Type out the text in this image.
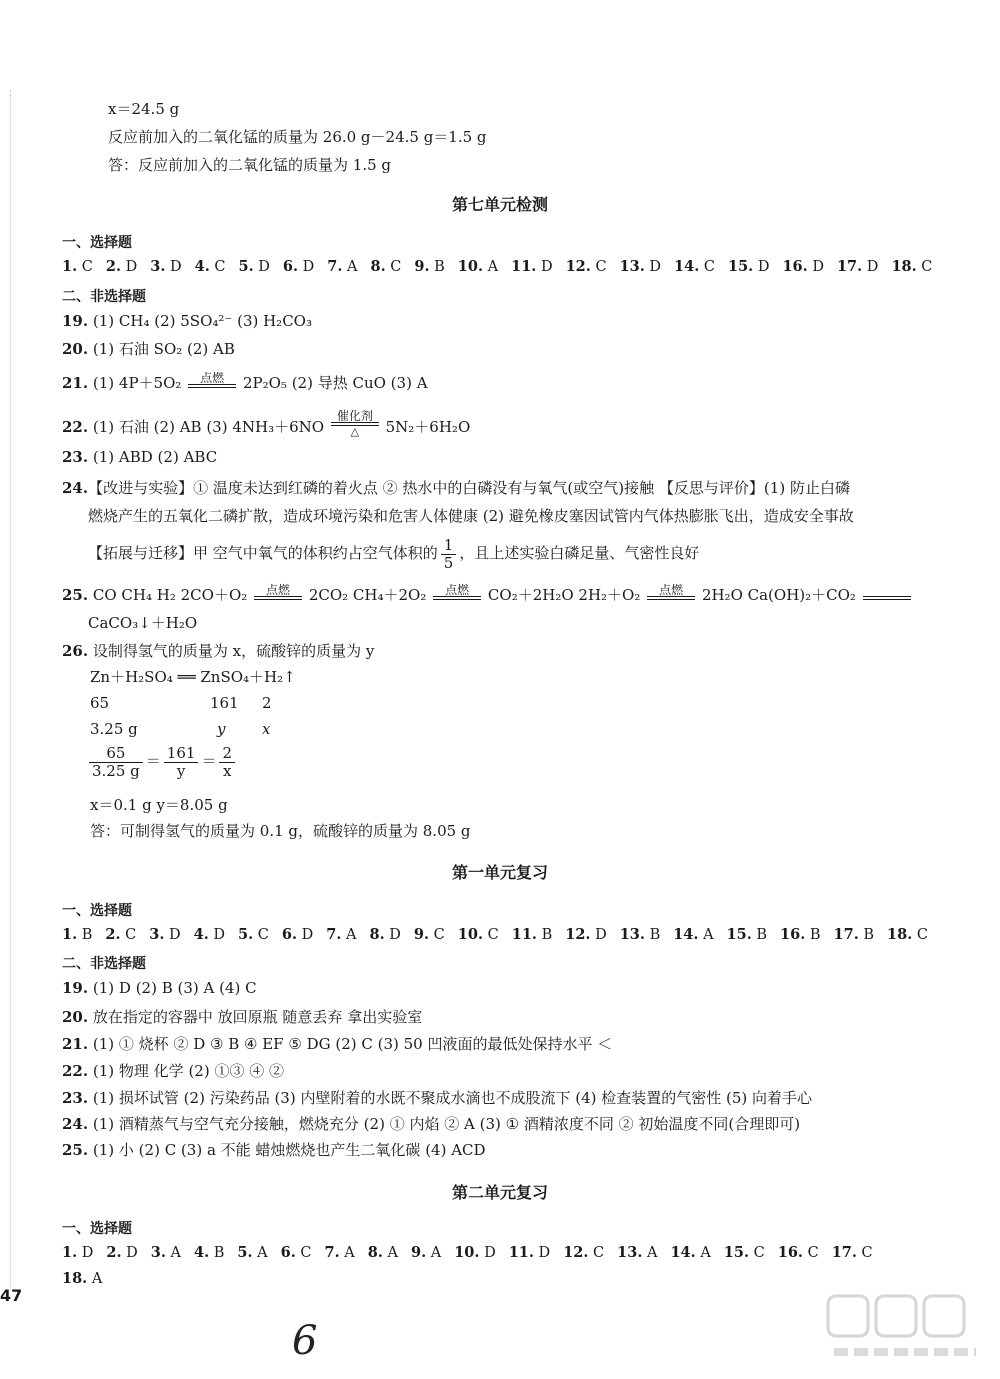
x＝24.5 g
反应前加入的二氧化锰的质量为 26.0 g－24.5 g＝1.5 g
答：反应前加入的二氧化锰的质量为 1.5 g
第七单元检测
一、选择题
1. C 2. D 3. D 4. C 5. D 6. D 7. A 8. C 9. B 10. A 11. D 12. C 13. D 14. C 15. D 16. D 17. D 18. C
二、非选择题
19. (1) CH₄ (2) 5SO₄²⁻ (3) H₂CO₃
20. (1) 石油 SO₂ (2) AB
21. (1) 4P＋5O₂	点燃	2P₂O₅ (2) 导热 CuO (3) A
22. (1) 石油 (2) AB (3) 4NH₃＋6NO
催化剂
△	5N₂＋6H₂O
23. (1) ABD (2) ABC
24.【改进与实验】① 温度未达到红磷的着火点 ② 热水中的白磷没有与氧气(或空气)接触 【反思与评价】(1) 防止白磷
燃烧产生的五氧化二磷扩散，造成环境污染和危害人体健康 (2) 避免橡皮塞因试管内气体热膨胀飞出，造成安全事故
【拓展与迁移】甲 空气中氧气的体积约占空气体积的 $\frac{1}{5}$ ，且上述实验白磷足量、气密性良好
25. CO CH₄ H₂ 2CO＋O₂	点燃	2CO₂ CH₄＋2O₂	点燃	CO₂＋2H₂O 2H₂＋O₂	点燃	2H₂O Ca(OH)₂＋CO₂

CaCO₃↓＋H₂O
26. 设制得氢气的质量为 x，硫酸锌的质量为 y
Zn＋H₂SO₄ ══ ZnSO₄＋H₂↑
65	161 2
3.25 g	y x
$\frac{65}{3.25 g} = \frac{161}{y} = \frac{2}{x}$
x＝0.1 g y＝8.05 g
答：可制得氢气的质量为 0.1 g，硫酸锌的质量为 8.05 g
第一单元复习
一、选择题
1. B 2. C 3. D 4. D 5. C 6. D 7. A 8. D 9. C 10. C 11. B 12. D 13. B 14. A 15. B 16. B 17. B 18. C
二、非选择题
19. (1) D (2) B (3) A (4) C
20. 放在指定的容器中 放回原瓶 随意丢弃 拿出实验室
21. (1) ① 烧杯 ② D ③ B ④ EF ⑤ DG (2) C (3) 50 凹液面的最低处保持水平 ＜
22. (1) 物理 化学 (2) ①③ ④ ②
23. (1) 损坏试管 (2) 污染药品 (3) 内壁附着的水既不聚成水滴也不成股流下 (4) 检查装置的气密性 (5) 向着手心
24. (1) 酒精蒸气与空气充分接触，燃烧充分 (2) ① 内焰 ② A (3) ① 酒精浓度不同 ② 初始温度不同(合理即可)
25. (1) 小 (2) C (3) a 不能 蜡烛燃烧也产生二氧化碳 (4) ACD
第二单元复习
一、选择题
1. D 2. D 3. A 4. B 5. A 6. C 7. A 8. A 9. A 10. D 11. D 12. C 13. A 14. A 15. C 16. C 17. C
18. A
47
6
